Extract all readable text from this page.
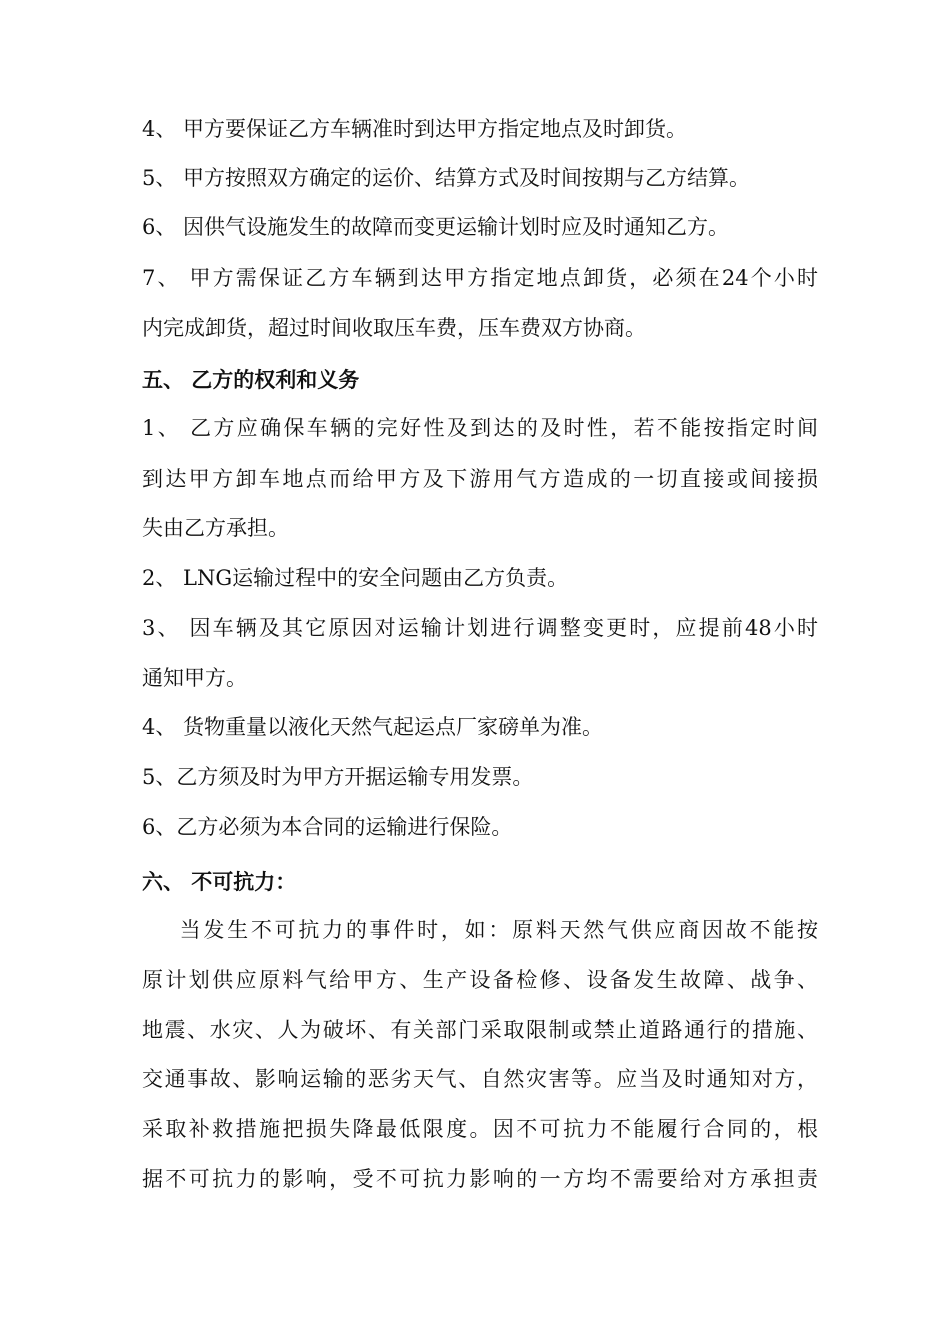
4、 甲方要保证乙方车辆准时到达甲方指定地点及时卸货。
5、 甲方按照双方确定的运价、结算方式及时间按期与乙方结算。
6、 因供气设施发生的故障而变更运输计划时应及时通知乙方。
7、 甲方需保证乙方车辆到达甲方指定地点卸货，必须在24个小时
内完成卸货，超过时间收取压车费，压车费双方协商。
五、 乙方的权利和义务
1、 乙方应确保车辆的完好性及到达的及时性，若不能按指定时间
到达甲方卸车地点而给甲方及下游用气方造成的一切直接或间接损
失由乙方承担。
2、 LNG运输过程中的安全问题由乙方负责。
3、 因车辆及其它原因对运输计划进行调整变更时，应提前48小时
通知甲方。
4、 货物重量以液化天然气起运点厂家磅单为准。
5、乙方须及时为甲方开据运输专用发票。
6、乙方必须为本合同的运输进行保险。
六、 不可抗力：
当发生不可抗力的事件时，如：原料天然气供应商因故不能按
原计划供应原料气给甲方、生产设备检修、设备发生故障、战争、
地震、水灾、人为破坏、有关部门采取限制或禁止道路通行的措施、
交通事故、影响运输的恶劣天气、自然灾害等。应当及时通知对方，
采取补救措施把损失降最低限度。因不可抗力不能履行合同的，根
据不可抗力的影响，受不可抗力影响的一方均不需要给对方承担责
